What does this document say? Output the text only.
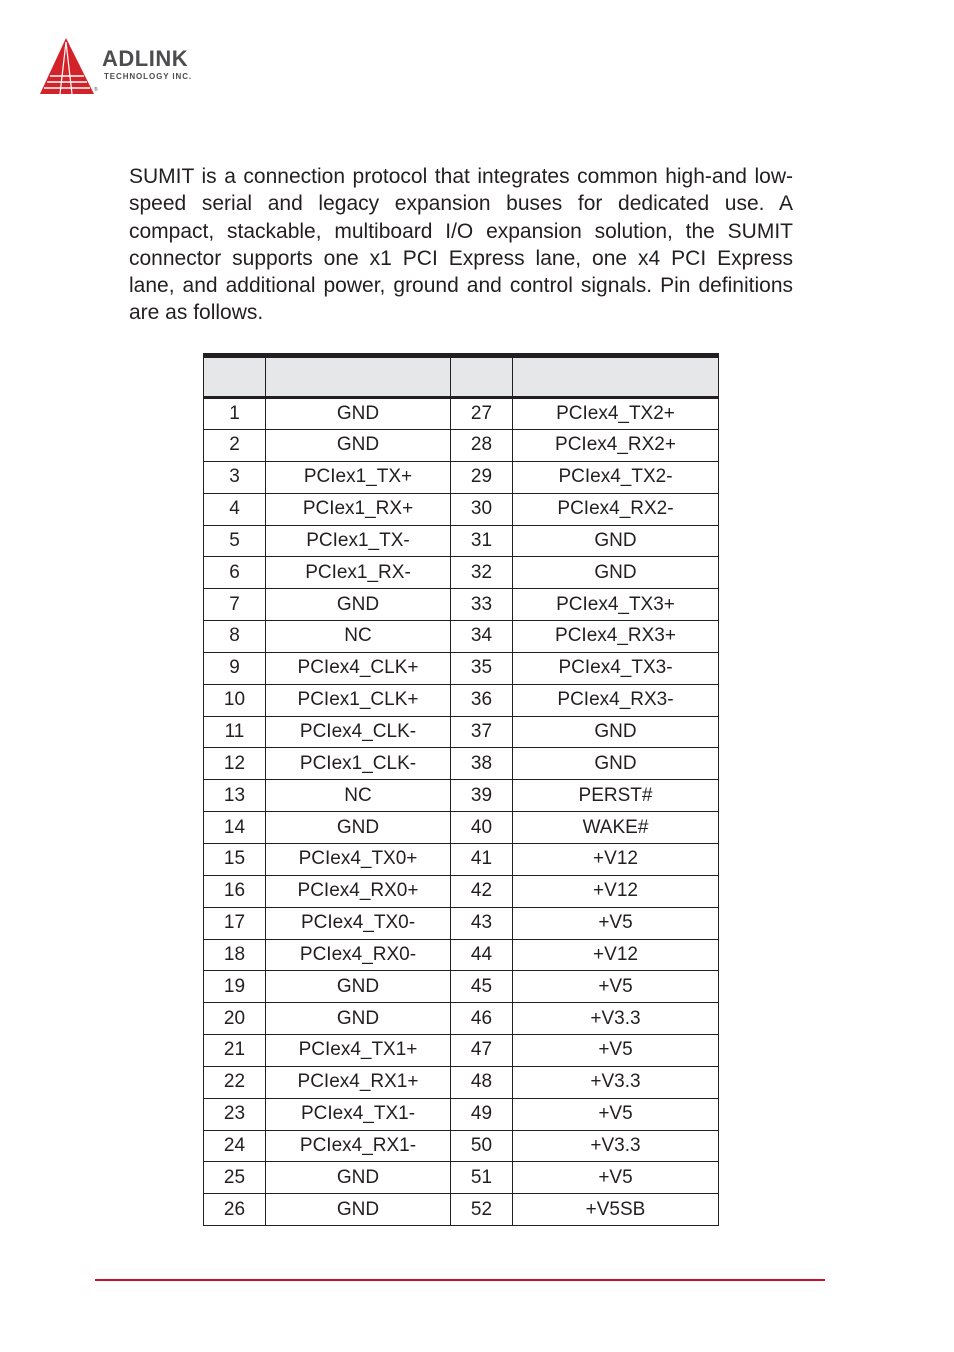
ADLINK
TECHNOLOGY INC.
®

SUMIT is a connection protocol that integrates common high-and low-speed serial and legacy expansion buses for dedicated use. A compact, stackable, multiboard I/O expansion solution, the SUMIT connector supports one x1 PCI Express lane, one x4 PCI Express lane, and additional power, ground and control signals. Pin definitions are as follows.

1	GND	27	PCIex4_TX2+
2	GND	28	PCIex4_RX2+
3	PCIex1_TX+	29	PCIex4_TX2-
4	PCIex1_RX+	30	PCIex4_RX2-
5	PCIex1_TX-	31	GND
6	PCIex1_RX-	32	GND
7	GND	33	PCIex4_TX3+
8	NC	34	PCIex4_RX3+
9	PCIex4_CLK+	35	PCIex4_TX3-
10	PCIex1_CLK+	36	PCIex4_RX3-
11	PCIex4_CLK-	37	GND
12	PCIex1_CLK-	38	GND
13	NC	39	PERST#
14	GND	40	WAKE#
15	PCIex4_TX0+	41	+V12
16	PCIex4_RX0+	42	+V12
17	PCIex4_TX0-	43	+V5
18	PCIex4_RX0-	44	+V12
19	GND	45	+V5
20	GND	46	+V3.3
21	PCIex4_TX1+	47	+V5
22	PCIex4_RX1+	48	+V3.3
23	PCIex4_TX1-	49	+V5
24	PCIex4_RX1-	50	+V3.3
25	GND	51	+V5
26	GND	52	+V5SB
